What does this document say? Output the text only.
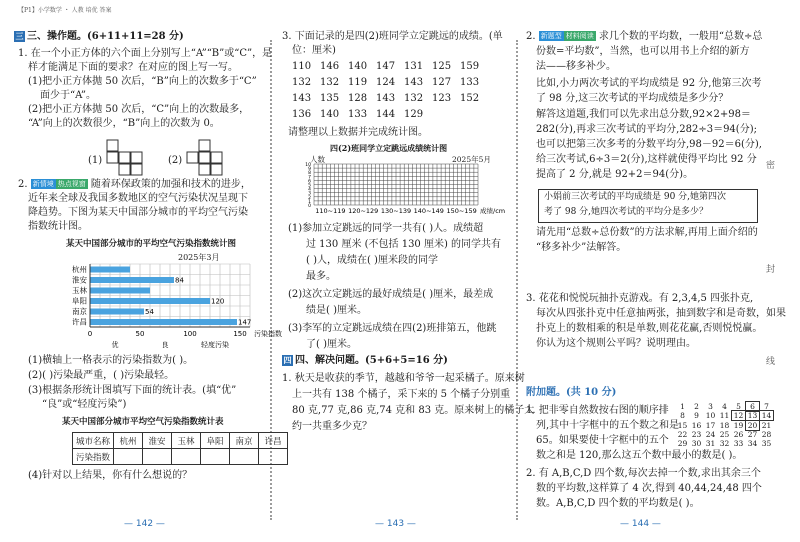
【P1】小学数学 ・ 人教 培优 答案
三 三、操作题。(6+11+11=28 分)
1. 在一个小正方体的六个面上分别写上“A”“B”或“C”，是
样才能满足下面的要求？在对应的图上写一写。
(1)把小正方体抛 50 次后，“B”向上的次数多于“C”
面少于“A”。
(2)把小正方体抛 50 次后，“C”向上的次数最多，
“A”向上的次数很少，“B”向上的次数为 0。
(1)	(2)
2. 新情境 热点视窗 随着环保政策的加强和技术的进步，
近年来全球及我国多数地区的空气污染状况呈现下
降趋势。下图为某天中国部分城市的平均空气污染
指数统计图。
某天中国部分城市的平均空气污染指数统计图
2025年3月
杭州
淮安	84
玉林
阜阳	120
南京	54
许昌	147
0	50	100	150 污染指数
优	良	轻度污染
(1)横轴上一格表示的污染指数为( )。
(2)( )污染最严重，( )污染最轻。
(3)根据条形统计图填写下面的统计表。(填“优”
“良”或“轻度污染”)
某天中国部分城市平均空气污染指数统计表
城市名称	杭州	淮安	玉林	阜阳	南京	许昌
污染指数						
(4)针对以上结果，你有什么想说的？
— 142 —
3. 下面记录的是四(2)班同学立定跳远的成绩。(单
位：厘米)
110 146 140 147 131 125 159
132 132 119 124 143 127 133
143 135 128 143 132 123 152
136 140 133 144 129
请整理以上数据并完成统计图。
四(2)班同学立定跳远成绩统计图
人数	2025年5月
10
9
8
7
6
5
4
3
2
1
0
110~119 120~129 130~139 140~149 150~159 成绩/cm
(1)参加立定跳远的同学一共有( )人。成绩超
过 130 厘米 (不包括 130 厘米) 的同学共有
( )人，成绩在( )厘米段的同学
最多。
(2)这次立定跳远的最好成绩是( )厘米，最差成
绩是( )厘米。
(3)李军的立定跳远成绩在四(2)班排第五，他跳
了( )厘米。
四 四、解决问题。(5+6+5=16 分)
1. 秋天是收获的季节，越越和爷爷一起采橘子。原来树
上一共有 138 个橘子，采下来的 5 个橘子分别重
80 克,77 克,86 克,74 克和 83 克。原来树上的橘子大
约一共重多少克？
— 143 —
2. 新题型 材料阅读 求几个数的平均数，一般用“总数÷总
份数=平均数”，当然，也可以用书上介绍的新方
法——移多补少。
比如,小力两次考试的平均成绩是 92 分,他第三次考
了 98 分,这三次考试的平均成绩是多少分？
解答这道题,我们可以先求出总分数,92×2+98＝
282(分),再求三次考试的平均分,282÷3＝94(分);
也可以把第三次多考的分数平均分,98－92＝6(分),
给三次考试,6÷3＝2(分),这样就使得平均比 92 分
提高了 2 分,就是 92+2＝94(分)。
小娟前三次考试的平均成绩是 90 分,她第四次
考了 98 分,她四次考试的平均分是多少？
请先用“总数÷总份数”的方法求解,再用上面介绍的
“移多补少”法解答。
3. 花花和悦悦玩抽扑克游戏。有 2,3,4,5 四张扑克,
每次从四张扑克中任意抽两张，抽到数字和是奇数，如果
扑克上的数相乘的积是单数,则花花赢,否则悦悦赢。
你认为这个规则公平吗？说明理由。
附加题。(共 10 分)
1. 把非零自然数按右图的顺序排
列,其中十字框中的五个数之和是
65。如果要使十字框中的五个
数之和是 120,那么这五个数中最小的数是( )。
1	2	3	4	5	6	7
8	9 10 11 12 13 14
15 16 17 18 19 20 21
22 23 24 25 26 27 28
29 30 31 32 33 34 35
2. 有 A,B,C,D 四个数,每次去掉一个数,求出其余三个
数的平均数,这样算了 4 次,得到 40,44,24,48 四个
数。A,B,C,D 四个数的平均数是( )。
密
封
线
— 144 —
